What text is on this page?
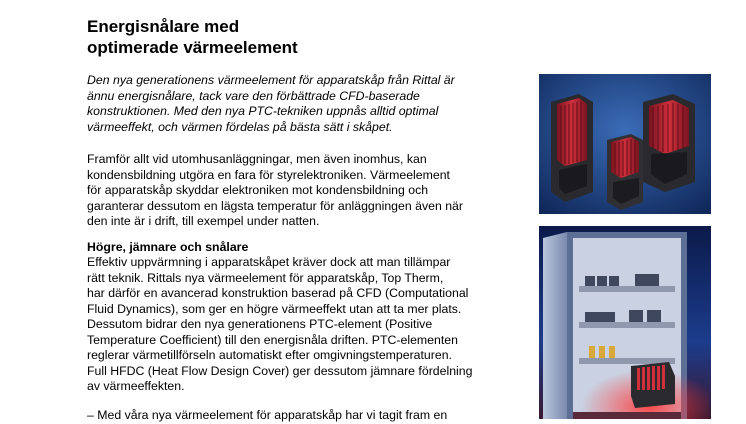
Energisnålare med
optimerade värmeelement

Den nya generationens värmeelement för apparatskåp från Rittal är
ännu energisnålare, tack vare den förbättrade CFD-baserade
konstruktionen. Med den nya PTC-tekniken uppnås alltid optimal
värmeeffekt, och värmen fördelas på bästa sätt i skåpet.

Framför allt vid utomhusanläggningar, men även inomhus, kan
kondensbildning utgöra en fara för styrelektroniken. Värmeelement
för apparatskåp skyddar elektroniken mot kondensbildning och
garanterar dessutom en lägsta temperatur för anläggningen även när
den inte är i drift, till exempel under natten.

Högre, jämnare och snålare

Effektiv uppvärmning i apparatskåpet kräver dock att man tillämpar
rätt teknik. Rittals nya värmeelement för apparatskåp, Top Therm,
har därför en avancerad konstruktion baserad på CFD (Computational
Fluid Dynamics), som ger en högre värmeeffekt utan att ta mer plats.
Dessutom bidrar den nya generationens PTC-element (Positive
Temperature Coefficient) till den energisnåla driften. PTC-elementen
reglerar värmetillförseln automatiskt efter omgivningstemperaturen.
Full HFDC (Heat Flow Design Cover) ger dessutom jämnare fördelning
av värmeeffekten.

– Med våra nya värmeelement för apparatskåp har vi tagit fram en
